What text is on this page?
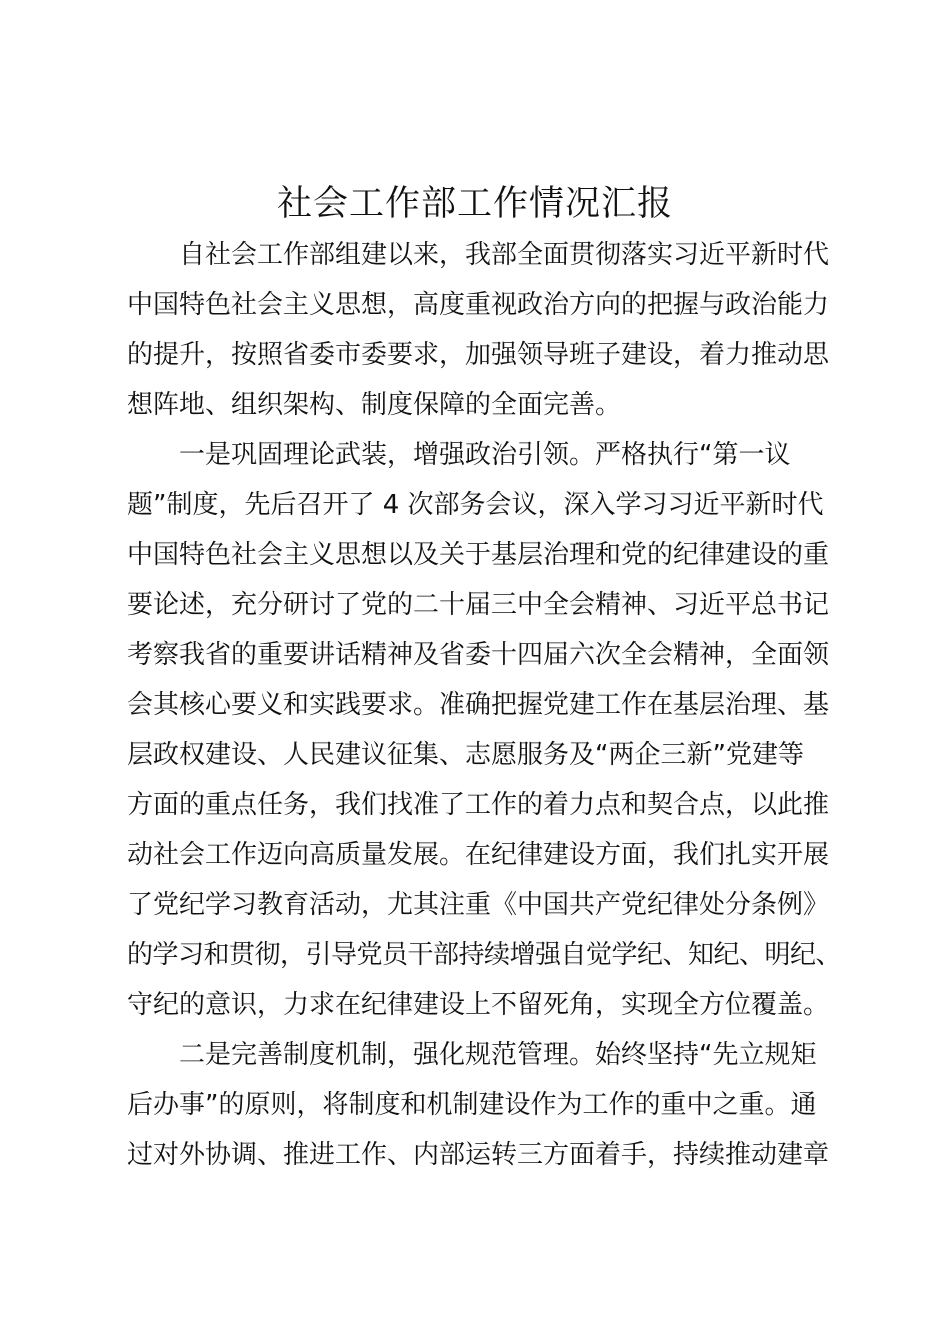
社会工作部工作情况汇报
自社会工作部组建以来，我部全面贯彻落实习近平新时代
中国特色社会主义思想，高度重视政治方向的把握与政治能力
的提升，按照省委市委要求，加强领导班子建设，着力推动思
想阵地、组织架构、制度保障的全面完善。
一是巩固理论武装，增强政治引领。严格执行“第一议
题”制度，先后召开了 4 次部务会议，深入学习习近平新时代
中国特色社会主义思想以及关于基层治理和党的纪律建设的重
要论述，充分研讨了党的二十届三中全会精神、习近平总书记
考察我省的重要讲话精神及省委十四届六次全会精神，全面领
会其核心要义和实践要求。准确把握党建工作在基层治理、基
层政权建设、人民建议征集、志愿服务及“两企三新”党建等
方面的重点任务，我们找准了工作的着力点和契合点，以此推
动社会工作迈向高质量发展。在纪律建设方面，我们扎实开展
了党纪学习教育活动，尤其注重《中国共产党纪律处分条例》
的学习和贯彻，引导党员干部持续增强自觉学纪、知纪、明纪、
守纪的意识，力求在纪律建设上不留死角，实现全方位覆盖。
二是完善制度机制，强化规范管理。始终坚持“先立规矩
后办事”的原则，将制度和机制建设作为工作的重中之重。通
过对外协调、推进工作、内部运转三方面着手，持续推动建章
